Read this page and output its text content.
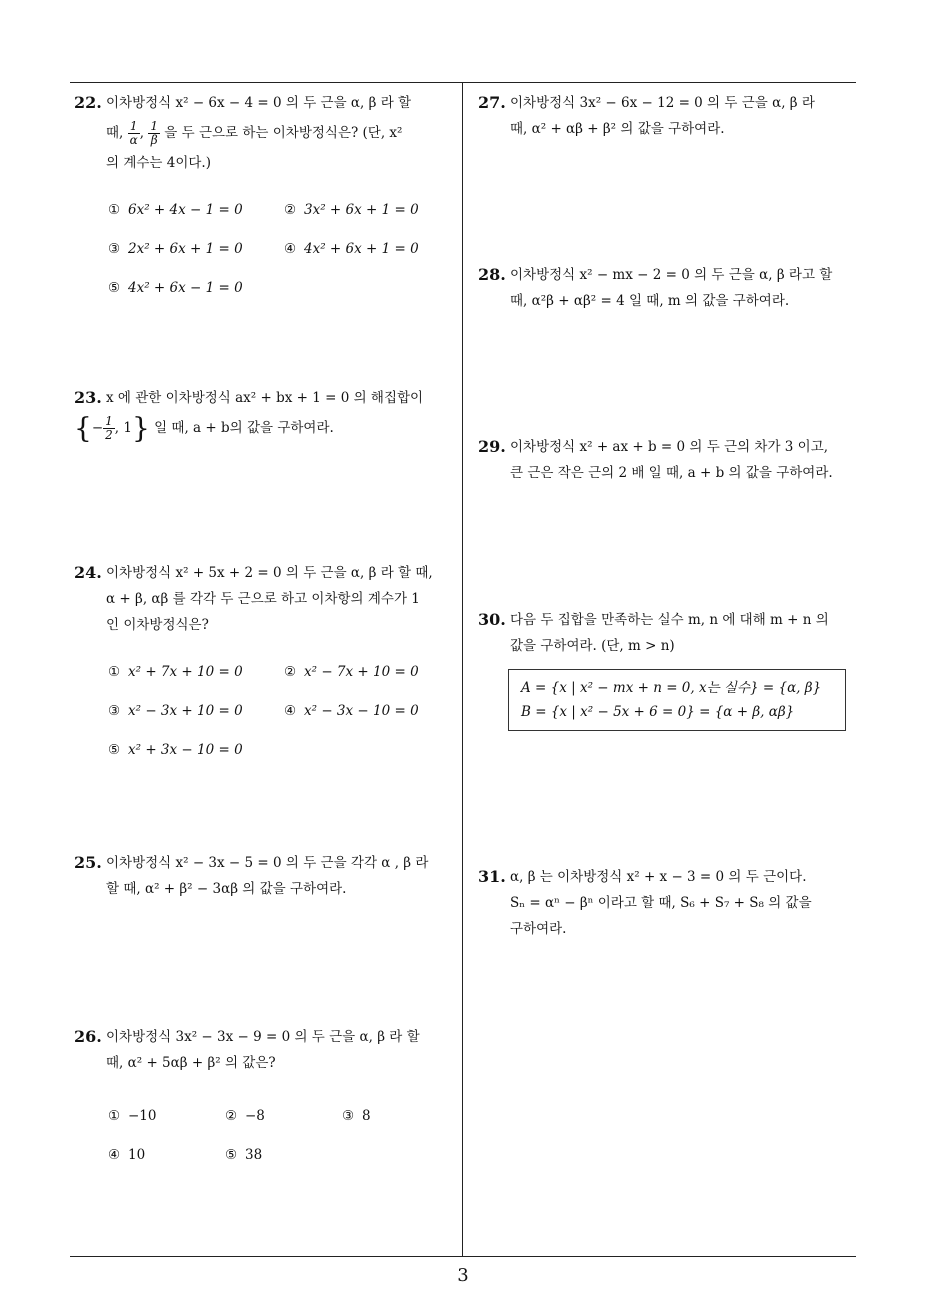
22. 이차방정식 x² − 6x − 4 = 0 의 두 근을 α, β 라 할
때, $\frac{1}{\alpha}$ , $\frac{1}{\beta}$ 을 두 근으로 하는 이차방정식은? (단, x²
의 계수는 4이다.)
① 6x² + 4x − 1 = 0	② 3x² + 6x + 1 = 0
③ 2x² + 6x + 1 = 0	④ 4x² + 6x + 1 = 0
⑤ 4x² + 6x − 1 = 0
23. x 에 관한 이차방정식 ax² + bx + 1 = 0 의 해집합이
{− $\frac{1}{2}$ , 1} 일 때, a + b의 값을 구하여라.
24. 이차방정식 x² + 5x + 2 = 0 의 두 근을 α, β 라 할 때,
α + β, αβ 를 각각 두 근으로 하고 이차항의 계수가 1
인 이차방정식은?
① x² + 7x + 10 = 0	② x² − 7x + 10 = 0
③ x² − 3x + 10 = 0	④ x² − 3x − 10 = 0
⑤ x² + 3x − 10 = 0
25. 이차방정식 x² − 3x − 5 = 0 의 두 근을 각각 α , β 라
할 때, α² + β² − 3αβ 의 값을 구하여라.
26. 이차방정식 3x² − 3x − 9 = 0 의 두 근을 α, β 라 할
때, α² + 5αβ + β² 의 값은?
① −10	② −8	③ 8
④ 10	⑤ 38
27. 이차방정식 3x² − 6x − 12 = 0 의 두 근을 α, β 라
때, α² + αβ + β² 의 값을 구하여라.
28. 이차방정식 x² − mx − 2 = 0 의 두 근을 α, β 라고 할
때, α²β + αβ² = 4 일 때, m 의 값을 구하여라.
29. 이차방정식 x² + ax + b = 0 의 두 근의 차가 3 이고,
큰 근은 작은 근의 2 배 일 때, a + b 의 값을 구하여라.
30. 다음 두 집합을 만족하는 실수 m, n 에 대해 m + n 의
값을 구하여라. (단, m > n)
A = {x | x² − mx + n = 0, x는 실수} = {α, β}
B = {x | x² − 5x + 6 = 0} = {α + β, αβ}
31. α, β 는 이차방정식 x² + x − 3 = 0 의 두 근이다.
Sₙ = αⁿ − βⁿ 이라고 할 때, S₆ + S₇ + S₈ 의 값을
구하여라.
3
